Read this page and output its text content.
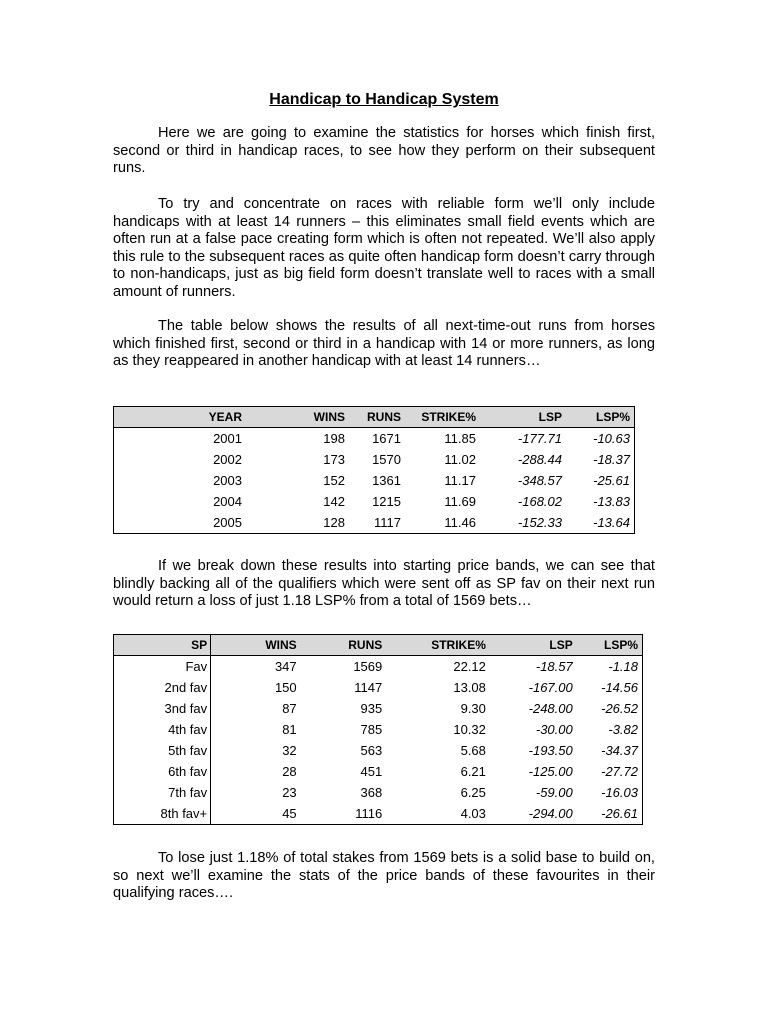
Handicap to Handicap System

Here we are going to examine the statistics for horses which finish first, second or third in handicap races, to see how they perform on their subsequent runs.

To try and concentrate on races with reliable form we’ll only include handicaps with at least 14 runners – this eliminates small field events which are often run at a false pace creating form which is often not repeated. We’ll also apply this rule to the subsequent races as quite often handicap form doesn’t carry through to non-handicaps, just as big field form doesn’t translate well to races with a small amount of runners.

The table below shows the results of all next-time-out runs from horses which finished first, second or third in a handicap with 14 or more runners, as long as they reappeared in another handicap with at least 14 runners…

YEAR	WINS	RUNS	STRIKE%	LSP	LSP%
2001	198	1671	11.85	-177.71	-10.63
2002	173	1570	11.02	-288.44	-18.37
2003	152	1361	11.17	-348.57	-25.61
2004	142	1215	11.69	-168.02	-13.83
2005	128	1117	11.46	-152.33	-13.64

If we break down these results into starting price bands, we can see that blindly backing all of the qualifiers which were sent off as SP fav on their next run would return a loss of just 1.18 LSP% from a total of 1569 bets…

SP	WINS	RUNS	STRIKE%	LSP	LSP%
Fav	347	1569	22.12	-18.57	-1.18
2nd fav	150	1147	13.08	-167.00	-14.56
3nd fav	87	935	9.30	-248.00	-26.52
4th fav	81	785	10.32	-30.00	-3.82
5th fav	32	563	5.68	-193.50	-34.37
6th fav	28	451	6.21	-125.00	-27.72
7th fav	23	368	6.25	-59.00	-16.03
8th fav+	45	1116	4.03	-294.00	-26.61

To lose just 1.18% of total stakes from 1569 bets is a solid base to build on, so next we’ll examine the stats of the price bands of these favourites in their qualifying races….
